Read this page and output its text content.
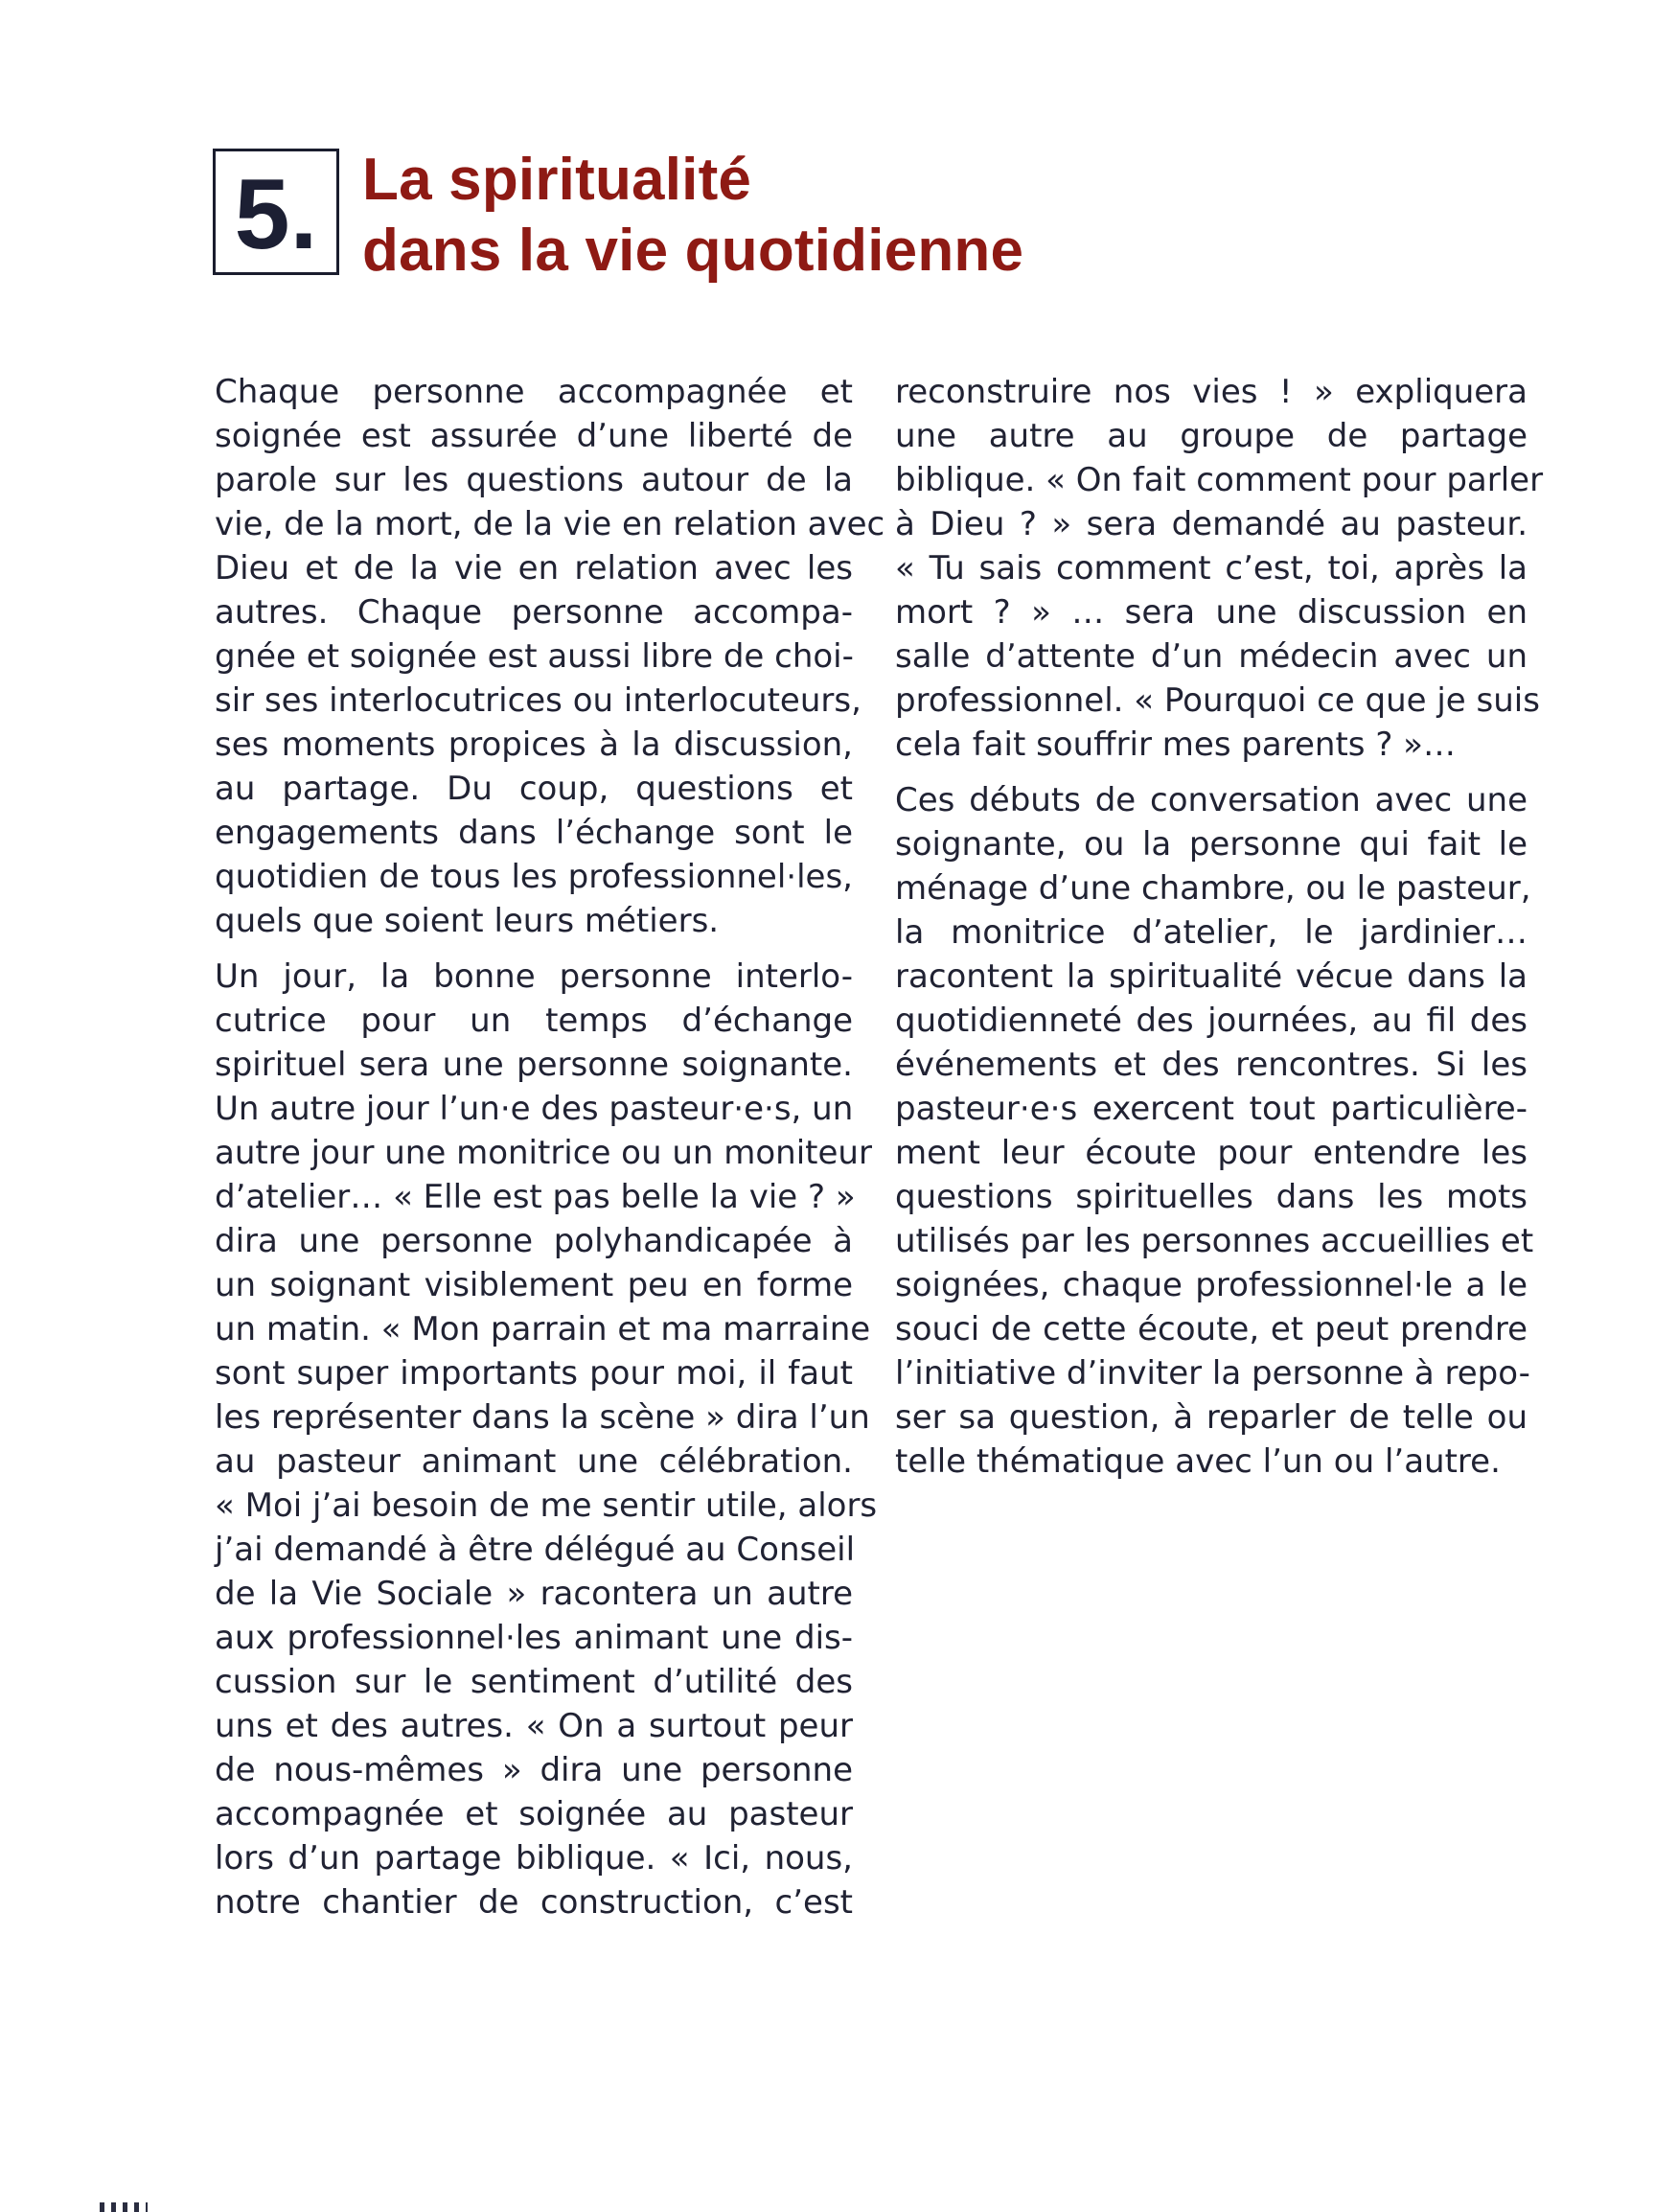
5. La spiritualité
dans la vie quotidienne

Chaque personne accompagnée et
soignée est assurée d’une liberté de
parole sur les questions autour de la
vie, de la mort, de la vie en relation avec
Dieu et de la vie en relation avec les
autres. Chaque personne accompa-
gnée et soignée est aussi libre de choi-
sir ses interlocutrices ou interlocuteurs,
ses moments propices à la discussion,
au partage. Du coup, questions et
engagements dans l’échange sont le
quotidien de tous les professionnel·les,
quels que soient leurs métiers.

Un jour, la bonne personne interlo-
cutrice pour un temps d’échange
spirituel sera une personne soignante.
Un autre jour l’un·e des pasteur·e·s, un
autre jour une monitrice ou un moniteur
d’atelier… « Elle est pas belle la vie ? »
dira une personne polyhandicapée à
un soignant visiblement peu en forme
un matin. « Mon parrain et ma marraine
sont super importants pour moi, il faut
les représenter dans la scène » dira l’un
au pasteur animant une célébration.
« Moi j’ai besoin de me sentir utile, alors
j’ai demandé à être délégué au Conseil
de la Vie Sociale » racontera un autre
aux professionnel·les animant une dis-
cussion sur le sentiment d’utilité des
uns et des autres. « On a surtout peur
de nous-mêmes » dira une personne
accompagnée et soignée au pasteur
lors d’un partage biblique. « Ici, nous,
notre chantier de construction, c’est

reconstruire nos vies ! » expliquera
une autre au groupe de partage
biblique. « On fait comment pour parler
à Dieu ? » sera demandé au pasteur.
« Tu sais comment c’est, toi, après la
mort ? » … sera une discussion en
salle d’attente d’un médecin avec un
professionnel. « Pourquoi ce que je suis
cela fait souffrir mes parents ? »…

Ces débuts de conversation avec une
soignante, ou la personne qui fait le
ménage d’une chambre, ou le pasteur,
la monitrice d’atelier, le jardinier…
racontent la spiritualité vécue dans la
quotidienneté des journées, au fil des
événements et des rencontres. Si les
pasteur·e·s exercent tout particulière-
ment leur écoute pour entendre les
questions spirituelles dans les mots
utilisés par les personnes accueillies et
soignées, chaque professionnel·le a le
souci de cette écoute, et peut prendre
l’initiative d’inviter la personne à repo-
ser sa question, à reparler de telle ou
telle thématique avec l’un ou l’autre.
